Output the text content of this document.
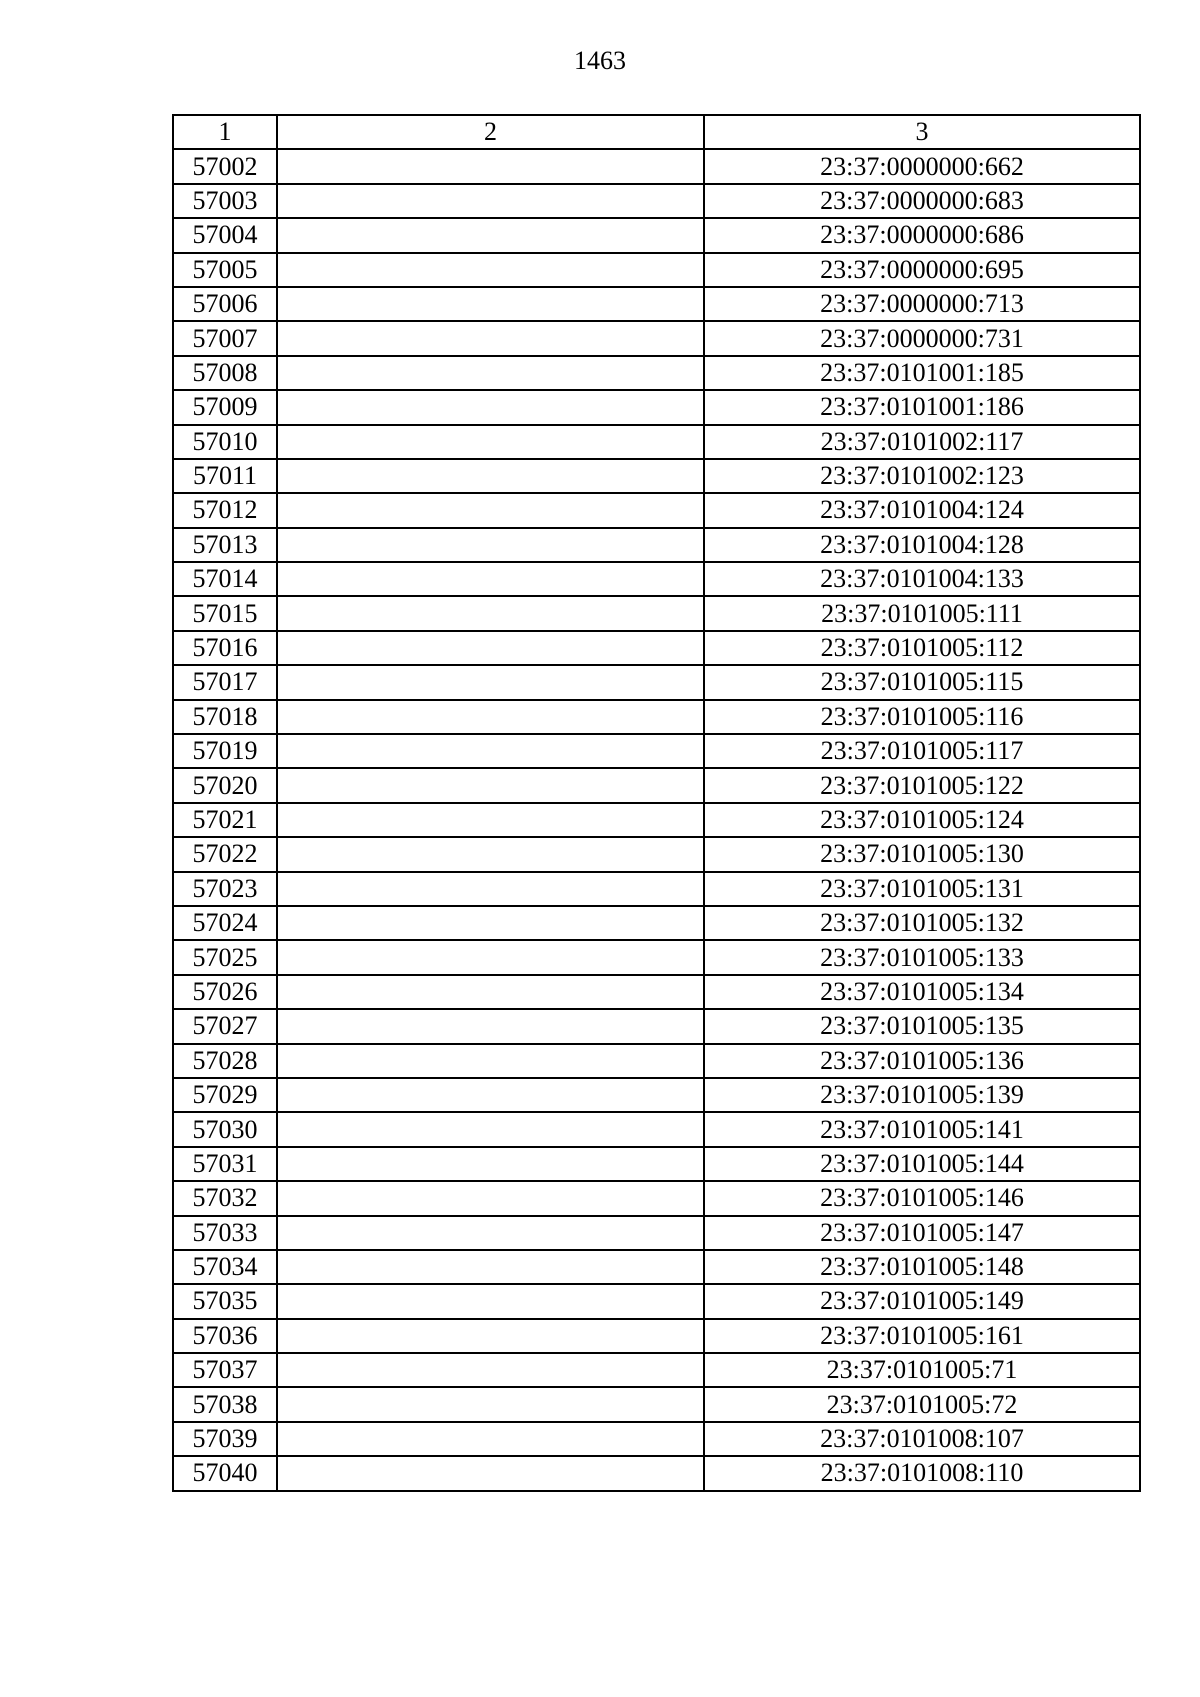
1463
1	2	3
57002		23:37:0000000:662
57003		23:37:0000000:683
57004		23:37:0000000:686
57005		23:37:0000000:695
57006		23:37:0000000:713
57007		23:37:0000000:731
57008		23:37:0101001:185
57009		23:37:0101001:186
57010		23:37:0101002:117
57011		23:37:0101002:123
57012		23:37:0101004:124
57013		23:37:0101004:128
57014		23:37:0101004:133
57015		23:37:0101005:111
57016		23:37:0101005:112
57017		23:37:0101005:115
57018		23:37:0101005:116
57019		23:37:0101005:117
57020		23:37:0101005:122
57021		23:37:0101005:124
57022		23:37:0101005:130
57023		23:37:0101005:131
57024		23:37:0101005:132
57025		23:37:0101005:133
57026		23:37:0101005:134
57027		23:37:0101005:135
57028		23:37:0101005:136
57029		23:37:0101005:139
57030		23:37:0101005:141
57031		23:37:0101005:144
57032		23:37:0101005:146
57033		23:37:0101005:147
57034		23:37:0101005:148
57035		23:37:0101005:149
57036		23:37:0101005:161
57037		23:37:0101005:71
57038		23:37:0101005:72
57039		23:37:0101008:107
57040		23:37:0101008:110
